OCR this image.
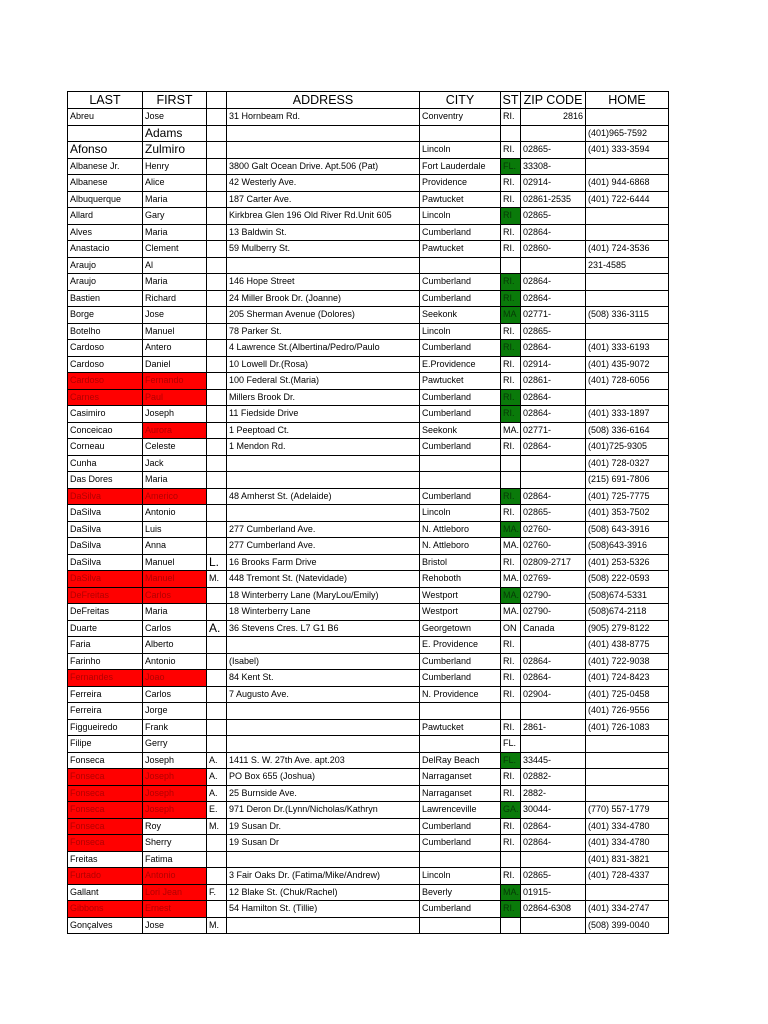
LAST	FIRST		ADDRESS	CITY	ST	ZIP CODE	HOME
Abreu	Jose		31 Hornbeam Rd.	Conventry	RI.	2816	
	Adams						(401)965-7592
Afonso	Zulmiro			Lincoln	RI.	02865-	(401) 333-3594
Albanese Jr.	Henry		3800 Galt Ocean Drive. Apt.506 (Pat)	Fort Lauderdale	FL.	33308-	
Albanese	Alice		42 Westerly Ave.	Providence	RI.	02914-	(401) 944-6868
Albuquerque	Maria		187 Carter Ave.	Pawtucket	RI.	02861-2535	(401) 722-6444
Allard	Gary		Kirkbrea Glen 196 Old River Rd.Unit 605	Lincoln	RI	02865-	
Alves	Maria		13 Baldwin St.	Cumberland	RI.	02864-	
Anastacio	Clement		59 Mulberry St.	Pawtucket	RI.	02860-	(401) 724-3536
Araujo	Al						231-4585
Araujo	Maria		146 Hope Street	Cumberland	RI.	02864-	
Bastien	Richard		24 Miller Brook Dr. (Joanne)	Cumberland	RI.	02864-	
Borge	Jose		205 Sherman Avenue (Dolores)	Seekonk	MA	02771-	(508) 336-3115
Botelho	Manuel		78 Parker St.	Lincoln	RI.	02865-	
Cardoso	Antero		4 Lawrence St.(Albertina/Pedro/Paulo	Cumberland	RI.	02864-	(401) 333-6193
Cardoso	Daniel		10 Lowell Dr.(Rosa)	E.Providence	RI.	02914-	(401) 435-9072
Cardoso	Fernando		100 Federal St.(Maria)	Pawtucket	RI.	02861-	(401) 728-6056
Carnes	Paul		Millers Brook Dr.	Cumberland	RI.	02864-	
Casimiro	Joseph		11 Fiedside Drive	Cumberland	RI.	02864-	(401) 333-1897
Conceicao	Aurora		1 Peeptoad Ct.	Seekonk	MA.	02771-	(508) 336-6164
Corneau	Celeste		1 Mendon Rd.	Cumberland	RI.	02864-	(401)725-9305
Cunha	Jack						(401) 728-0327
Das Dores	Maria						(215) 691-7806
DaSilva	Americo		48 Amherst St. (Adelaide)	Cumberland	RI.	02864-	(401) 725-7775
DaSilva	Antonio			Lincoln	RI.	02865-	(401) 353-7502
DaSilva	Luis		277 Cumberland Ave.	N. Attleboro	MA.	02760-	(508) 643-3916
DaSilva	Anna		277 Cumberland Ave.	N. Attleboro	MA.	02760-	(508)643-3916
DaSilva	Manuel	L.	16 Brooks Farm Drive	Bristol	RI.	02809-2717	(401) 253-5326
DaSilva	Manuel	M.	448 Tremont St. (Natevidade)	Rehoboth	MA.	02769-	(508) 222-0593
DeFreitas	Carlos		18 Winterberry Lane (MaryLou/Emily)	Westport	MA.	02790-	(508)674-5331
DeFreitas	Maria		18 Winterberry Lane	Westport	MA.	02790-	(508)674-2118
Duarte	Carlos	A.	36 Stevens Cres. L7 G1 B6	Georgetown	ON	Canada	(905) 279-8122
Faria	Alberto			E. Providence	RI.		(401) 438-8775
Farinho	Antonio		(Isabel)	Cumberland	RI.	02864-	(401) 722-9038
Fernandes	Joao		84 Kent St.	Cumberland	RI.	02864-	(401) 724-8423
Ferreira	Carlos		7 Augusto Ave.	N. Providence	RI.	02904-	(401) 725-0458
Ferreira	Jorge						(401) 726-9556
Figgueiredo	Frank			Pawtucket	RI.	2861-	(401) 726-1083
Filipe	Gerry				FL.		
Fonseca	Joseph	A.	1411 S. W. 27th Ave. apt.203	DelRay Beach	FL.	33445-	
Fonseca	Joseph	A.	PO Box 655 (Joshua)	Narraganset	RI.	02882-	
Fonseca	Joseph	A.	25 Burnside Ave.	Narraganset	RI.	2882-	
Fonseca	Joseph	E.	971 Deron Dr.(Lynn/Nicholas/Kathryn	Lawrenceville	GA.	30044-	(770) 557-1779
Fonseca	Roy	M.	19 Susan Dr.	Cumberland	RI.	02864-	(401) 334-4780
Fonseca	Sherry		19 Susan Dr	Cumberland	RI.	02864-	(401) 334-4780
Freitas	Fatima						(401) 831-3821
Furtado	Antonio		3 Fair Oaks Dr. (Fatima/Mike/Andrew)	Lincoln	RI.	02865-	(401) 728-4337
Gallant	Lori Jean	F.	12 Blake St. (Chuk/Rachel)	Beverly	MA.	01915-	
Gibbons	Ernest		54 Hamilton St. (Tillie)	Cumberland	RI.	02864-6308	(401) 334-2747
Gonçalves	Jose	M.					(508) 399-0040
